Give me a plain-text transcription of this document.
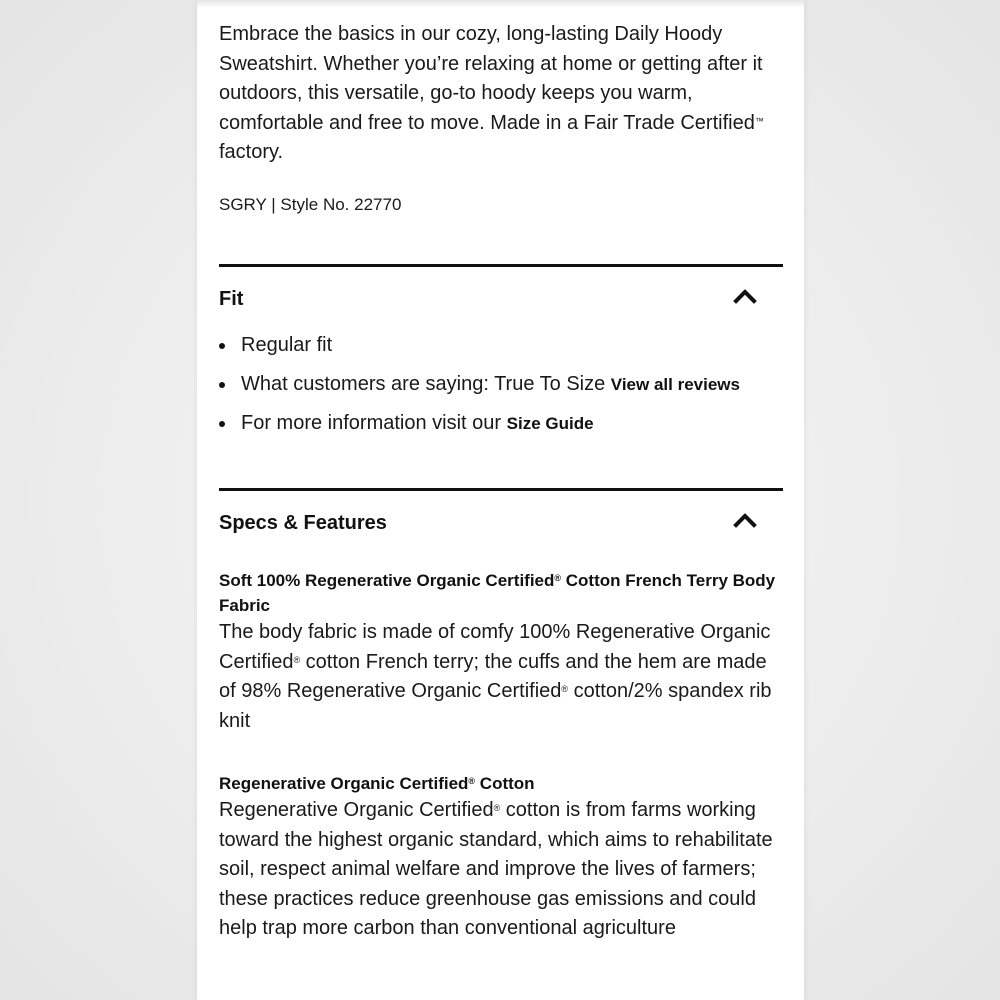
Embrace the basics in our cozy, long-lasting Daily Hoody Sweatshirt. Whether you’re relaxing at home or getting after it outdoors, this versatile, go-to hoody keeps you warm, comfortable and free to move. Made in a Fair Trade Certified™ factory.

SGRY | Style No. 22770
Fit
Regular fit
What customers are saying: True To Size View all reviews
For more information visit our Size Guide
Specs & Features

Soft 100% Regenerative Organic Certified® Cotton French Terry Body Fabric

The body fabric is made of comfy 100% Regenerative Organic Certified® cotton French terry; the cuffs and the hem are made of 98% Regenerative Organic Certified® cotton/2% spandex rib knit

Regenerative Organic Certified® Cotton

Regenerative Organic Certified® cotton is from farms working toward the highest organic standard, which aims to rehabilitate soil, respect animal welfare and improve the lives of farmers; these practices reduce greenhouse gas emissions and could help trap more carbon than conventional agriculture
